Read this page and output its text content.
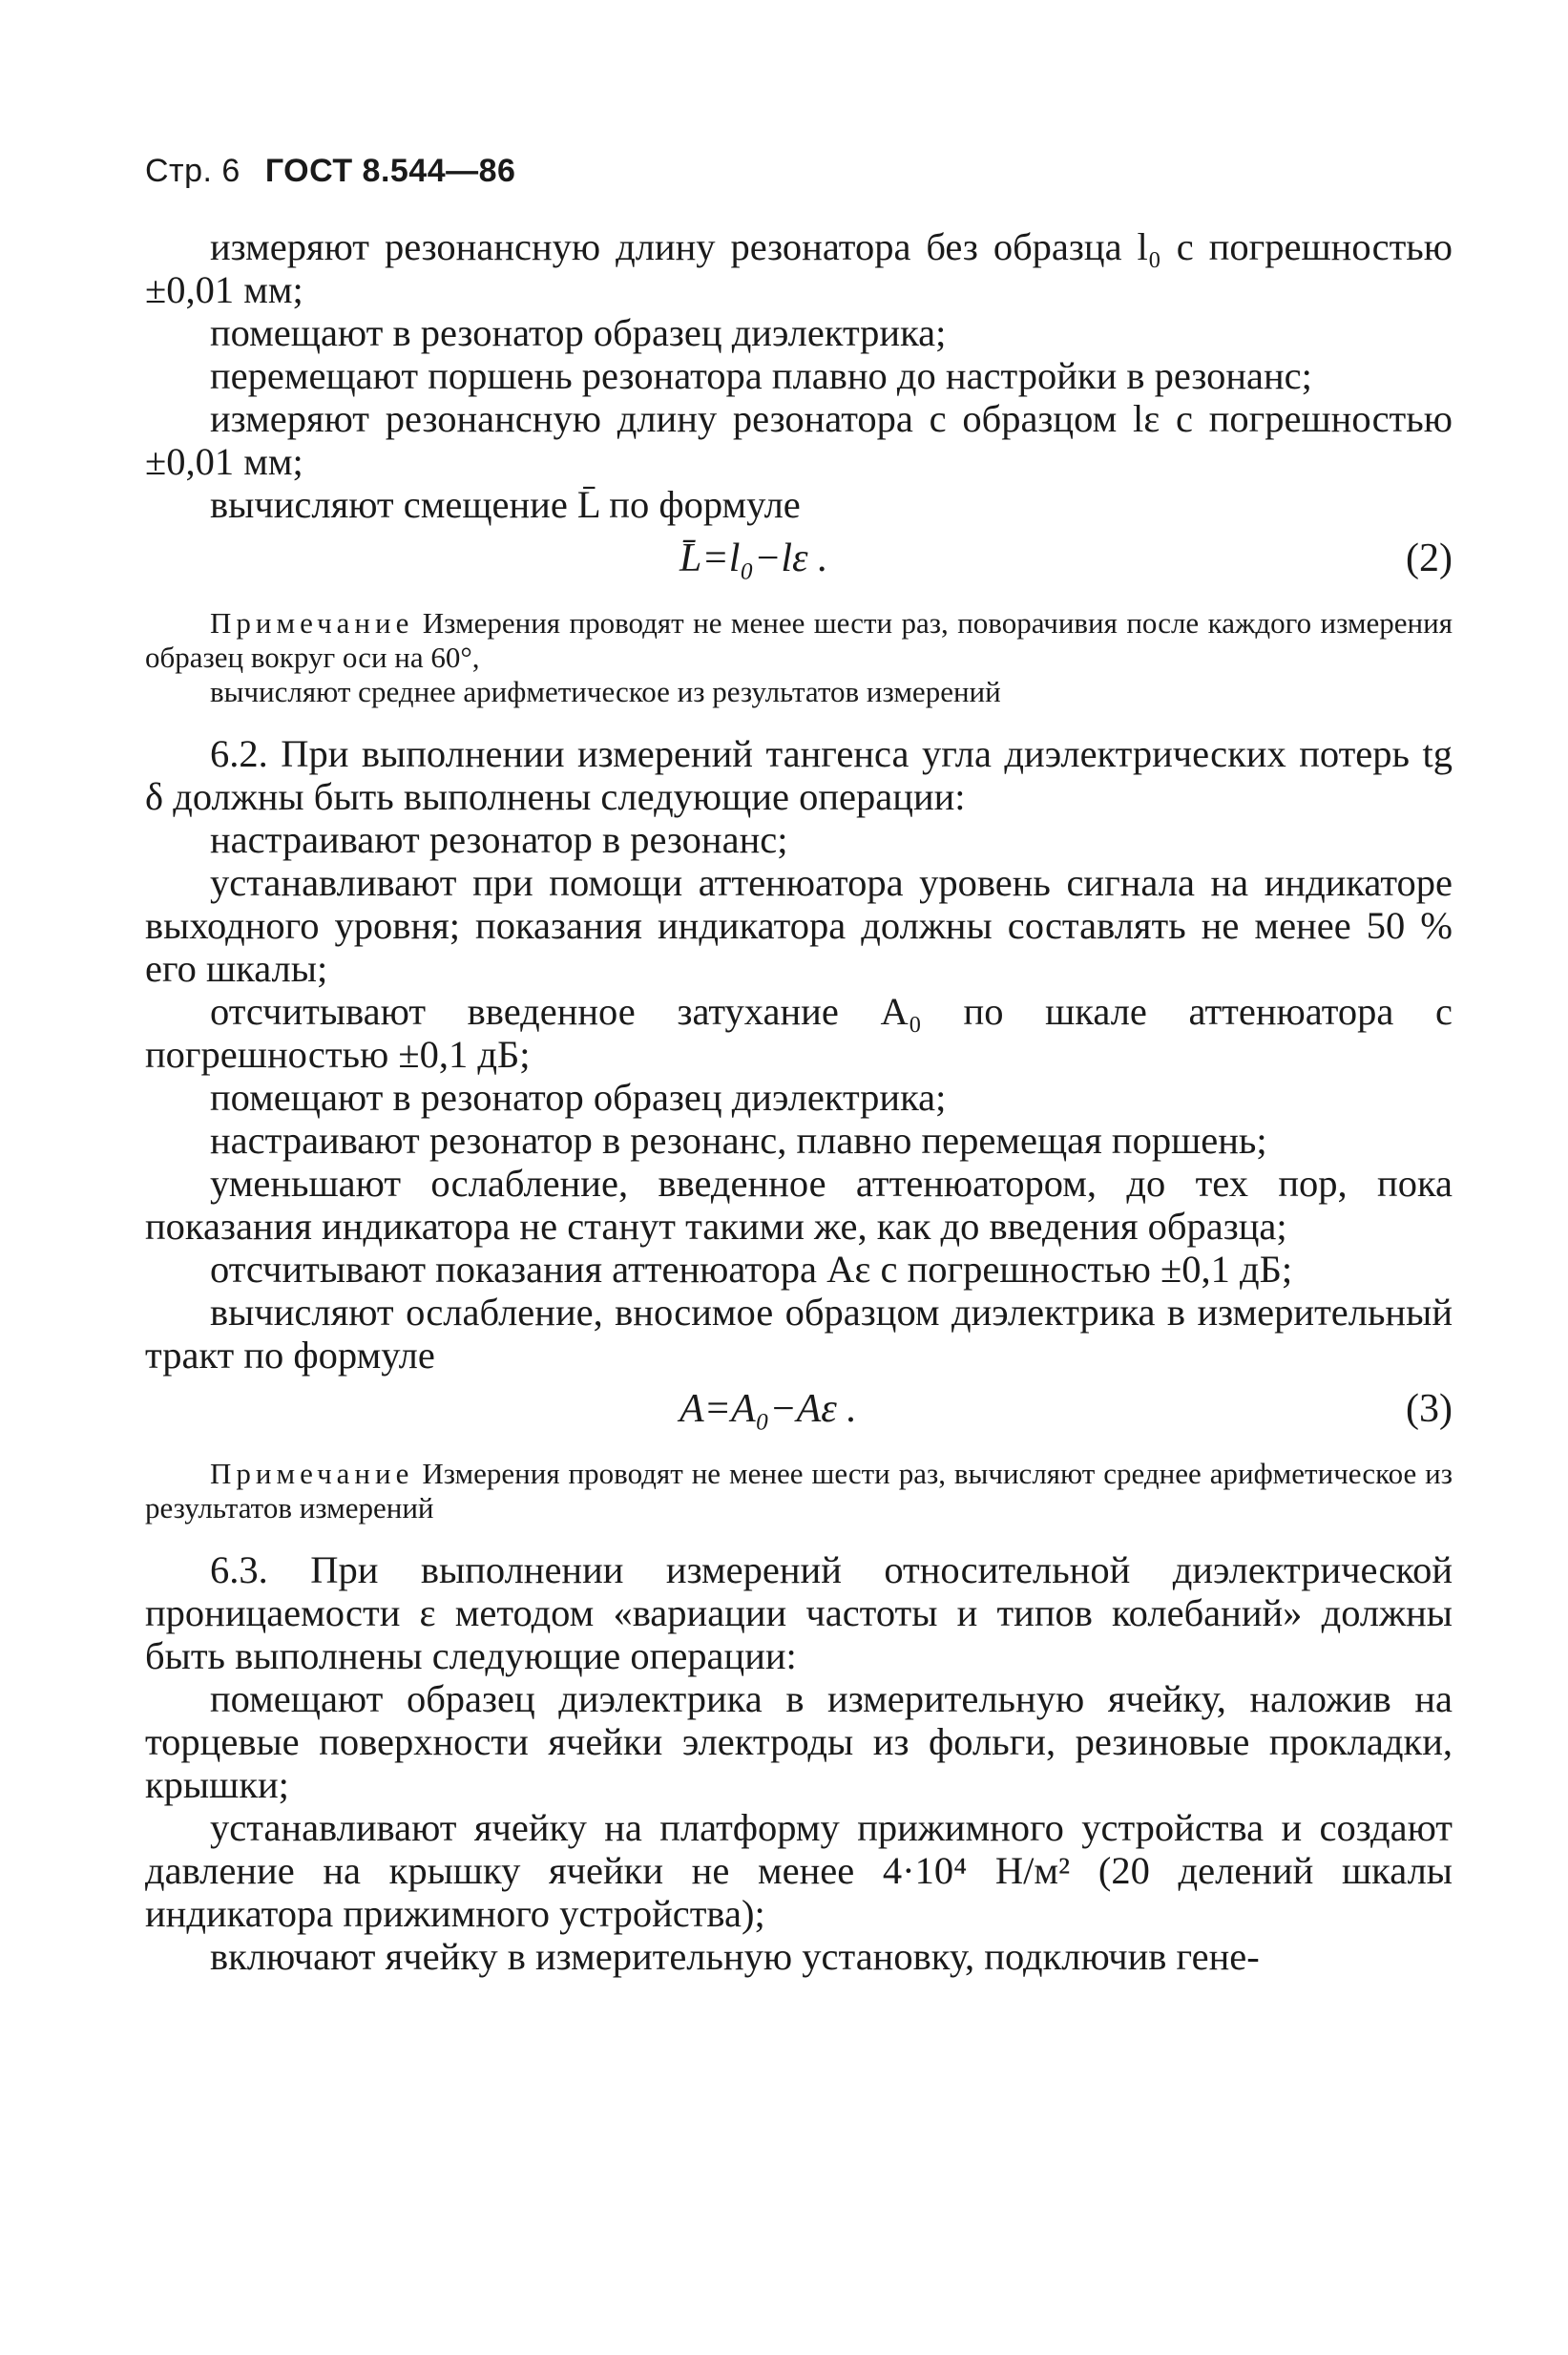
Стр. 6 ГОСТ 8.544—86

измеряют резонансную длину резонатора без образца l₀ с погрешностью ±0,01 мм;

помещают в резонатор образец диэлектрика;

перемещают поршень резонатора плавно до настройки в резонанс;

измеряют резонансную длину резонатора с образцом lε с погрешностью ±0,01 мм;

вычисляют смещение L̄ по формуле

L̄=l₀−lε .	(2)

Примечание Измерения проводят не менее шести раз, поворачивия после каждого измерения образец вокруг оси на 60°,

вычисляют среднее арифметическое из результатов измерений

6.2. При выполнении измерений тангенса угла диэлектрических потерь tg δ должны быть выполнены следующие операции:

настраивают резонатор в резонанс;

устанавливают при помощи аттенюатора уровень сигнала на индикаторе выходного уровня; показания индикатора должны составлять не менее 50 % его шкалы;

отсчитывают введенное затухание A₀ по шкале аттенюатора с погрешностью ±0,1 дБ;

помещают в резонатор образец диэлектрика;

настраивают резонатор в резонанс, плавно перемещая поршень;

уменьшают ослабление, введенное аттенюатором, до тех пор, пока показания индикатора не станут такими же, как до введения образца;

отсчитывают показания аттенюатора Aε с погрешностью ±0,1 дБ;

вычисляют ослабление, вносимое образцом диэлектрика в измерительный тракт по формуле

A=A₀−Aε .	(3)

Примечание Измерения проводят не менее шести раз, вычисляют среднее арифметическое из результатов измерений

6.3. При выполнении измерений относительной диэлектрической проницаемости ε методом «вариации частоты и типов колебаний» должны быть выполнены следующие операции:

помещают образец диэлектрика в измерительную ячейку, наложив на торцевые поверхности ячейки электроды из фольги, резиновые прокладки, крышки;

устанавливают ячейку на платформу прижимного устройства и создают давление на крышку ячейки не менее 4·10⁴ Н/м² (20 делений шкалы индикатора прижимного устройства);

включают ячейку в измерительную установку, подключив гене-
